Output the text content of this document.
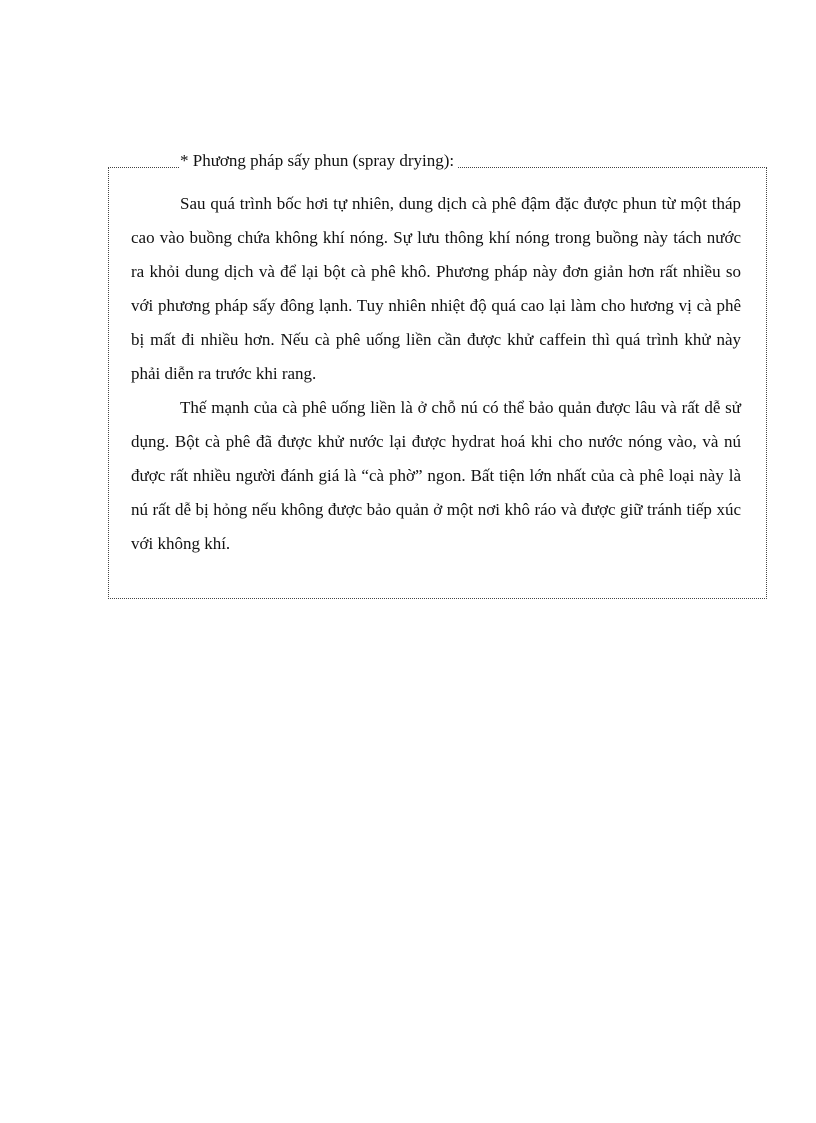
* Phương pháp sấy phun (spray drying):

Sau quá trình bốc hơi tự nhiên, dung dịch cà phê đậm đặc được phun từ một tháp cao vào buồng chứa không khí nóng. Sự lưu thông khí nóng trong buồng này tách nước ra khỏi dung dịch và để lại bột cà phê khô. Phương pháp này đơn giản hơn rất nhiều so với phương pháp sấy đông lạnh. Tuy nhiên nhiệt độ quá cao lại làm cho hương vị cà phê bị mất đi nhiều hơn. Nếu cà phê uống liền cần được khử caffein thì quá trình khử này phải diễn ra trước khi rang.

Thế mạnh của cà phê uống liền là ở chỗ nú có thể bảo quản được lâu và rất dễ sử dụng. Bột cà phê đã được khử nước lại được hydrat hoá khi cho nước nóng vào, và nú được rất nhiều người đánh giá là “cà phờ” ngon. Bất tiện lớn nhất của cà phê loại này là nú rất dễ bị hỏng nếu không được bảo quản ở một nơi khô ráo và được giữ tránh tiếp xúc với không khí.
